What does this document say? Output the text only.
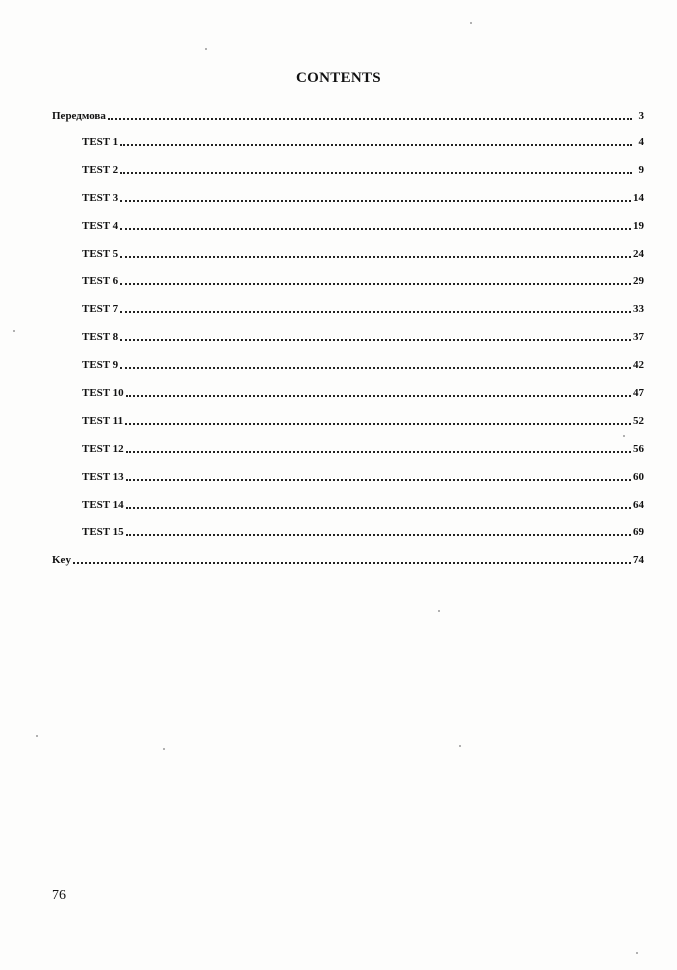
CONTENTS
Передмова	3
TEST 1	4
TEST 2	9
TEST 3	14
TEST 4	19
TEST 5	24
TEST 6	29
TEST 7	33
TEST 8	37
TEST 9	42
TEST 10	47
TEST 11	52
TEST 12	56
TEST 13	60
TEST 14	64
TEST 15	69
Key	74
76
